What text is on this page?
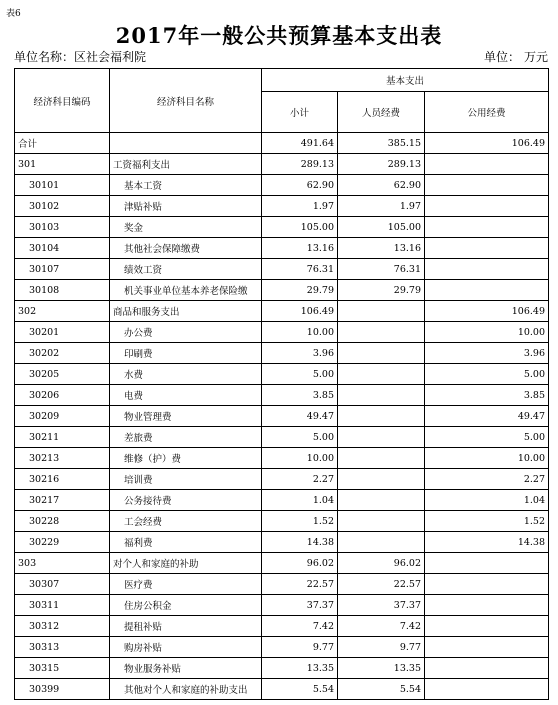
表6
2017年一般公共预算基本支出表
单位名称：区社会福利院	单位： 万元
经济科目编码	经济科目名称	基本支出		
		小计	人员经费	公用经费
合计		491.64	385.15	106.49
301	工资福利支出	289.13	289.13	
30101	基本工资	62.90	62.90	
30102	津贴补贴	1.97	1.97	
30103	奖金	105.00	105.00	
30104	其他社会保障缴费	13.16	13.16	
30107	绩效工资	76.31	76.31	
30108	机关事业单位基本养老保险缴	29.79	29.79	
302	商品和服务支出	106.49		106.49
30201	办公费	10.00		10.00
30202	印刷费	3.96		3.96
30205	水费	5.00		5.00
30206	电费	3.85		3.85
30209	物业管理费	49.47		49.47
30211	差旅费	5.00		5.00
30213	维修（护）费	10.00		10.00
30216	培训费	2.27		2.27
30217	公务接待费	1.04		1.04
30228	工会经费	1.52		1.52
30229	福利费	14.38		14.38
303	对个人和家庭的补助	96.02	96.02	
30307	医疗费	22.57	22.57	
30311	住房公积金	37.37	37.37	
30312	提租补贴	7.42	7.42	
30313	购房补贴	9.77	9.77	
30315	物业服务补贴	13.35	13.35	
30399	其他对个人和家庭的补助支出	5.54	5.54	
